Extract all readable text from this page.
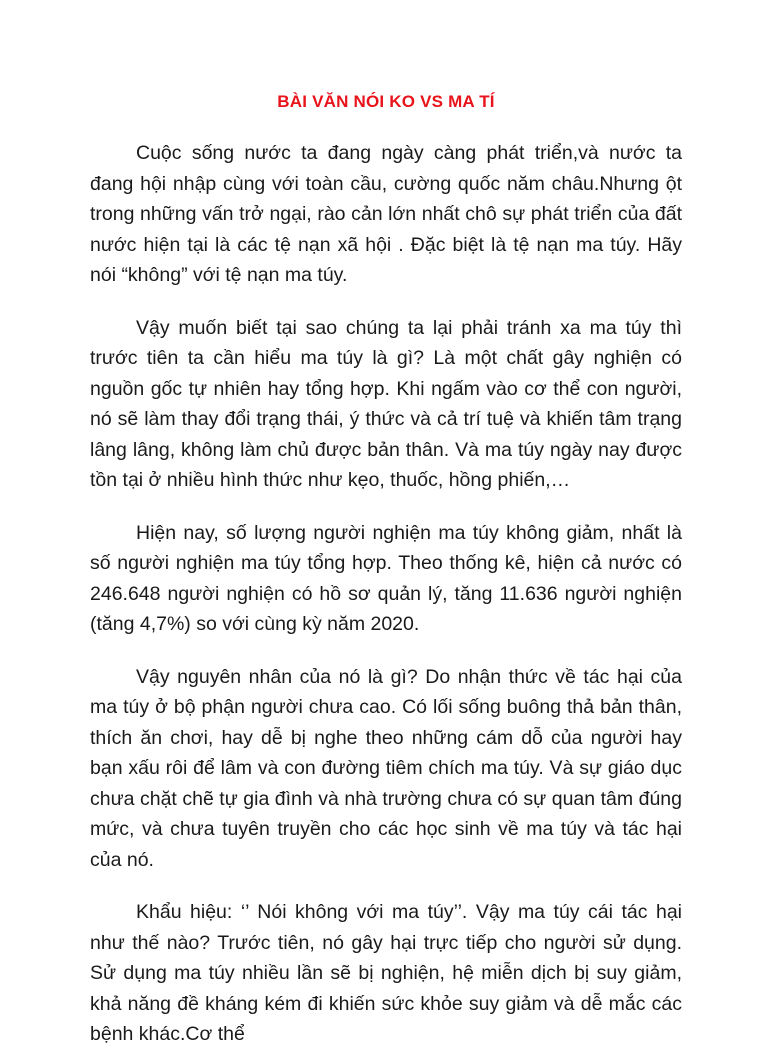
BÀI VĂN NÓI KO VS MA TÍ

Cuộc sống nước ta đang ngày càng phát triển,và nước ta đang hội nhập cùng với toàn cầu, cường quốc năm châu.Nhưng ột trong những vấn trở ngại, rào cản lớn nhất chô sự phát triển của đất nước hiện tại là các tệ nạn xã hội . Đặc biệt là tệ nạn ma túy. Hãy nói “không” với tệ nạn ma túy.

Vậy muốn biết tại sao chúng ta lại phải tránh xa ma túy thì trước tiên ta cần hiểu ma túy là gì? Là một chất gây nghiện có nguồn gốc tự nhiên hay tổng hợp. Khi ngấm vào cơ thể con người, nó sẽ làm thay đổi trạng thái, ý thức và cả trí tuệ và khiến tâm trạng lâng lâng, không làm chủ được bản thân. Và ma túy ngày nay được tồn tại ở nhiều hình thức như kẹo, thuốc, hồng phiến,…

Hiện nay, số lượng người nghiện ma túy không giảm, nhất là số người nghiện ma túy tổng hợp. Theo thống kê, hiện cả nước có 246.648 người nghiện có hồ sơ quản lý, tăng 11.636 người nghiện (tăng 4,7%) so với cùng kỳ năm 2020.

Vậy nguyên nhân của nó là gì? Do nhận thức về tác hại của ma túy ở bộ phận người chưa cao. Có lối sống buông thả bản thân, thích ăn chơi, hay dễ bị nghe theo những cám dỗ của người hay bạn xấu rôi để lâm và con đường tiêm chích ma túy. Và sự giáo dục chưa chặt chẽ tự gia đình và nhà trường chưa có sự quan tâm đúng mức, và chưa tuyên truyền cho các học sinh về ma túy và tác hại của nó.

Khẩu hiệu: ‘’ Nói không với ma túy’’. Vậy ma túy cái tác hại như thế nào? Trước tiên, nó gây hại trực tiếp cho người sử dụng. Sử dụng ma túy nhiều lần sẽ bị nghiện, hệ miễn dịch bị suy giảm, khả năng đề kháng kém đi khiến sức khỏe suy giảm và dễ mắc các bệnh khác.Cơ thể
